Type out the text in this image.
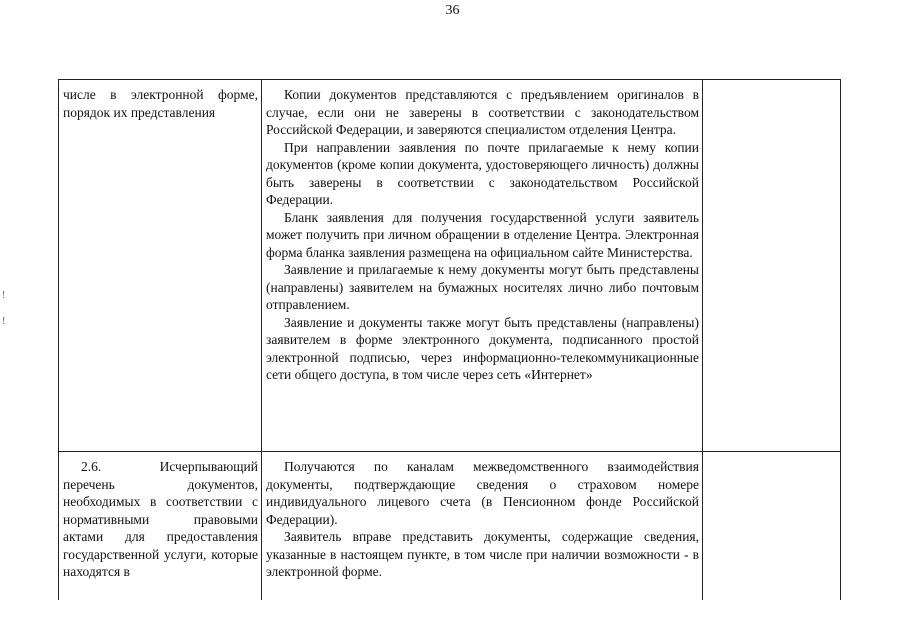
36
!
!

числе в электронной форме, порядок их представления	Копии документов представляются с предъявлением оригиналов в случае, если они не заверены в соответствии с законодательством Российской Федерации, и заверяются специалистом отделения Центра.

При направлении заявления по почте прилагаемые к нему копии документов (кроме копии документа, удостоверяющего личность) должны быть заверены в соответствии с законодательством Российской Федерации.

Бланк заявления для получения государственной услуги заявитель может получить при личном обращении в отделение Центра. Электронная форма бланка заявления размещена на официальном сайте Министерства.

Заявление и прилагаемые к нему документы могут быть представлены (направлены) заявителем на бумажных носителях лично либо почтовым отправлением.

Заявление и документы также могут быть представлены (направлены) заявителем в форме электронного документа, подписанного простой электронной подписью, через информационно-телекоммуникационные сети общего доступа, в том числе через сеть «Интернет»	

2.6. Исчерпывающий перечень документов, необходимых в соответствии с нормативными правовыми актами для предоставления государственной услуги, которые находятся в	Получаются по каналам межведомственного взаимодействия документы, подтверждающие сведения о страховом номере индивидуального лицевого счета (в Пенсионном фонде Российской Федерации).

Заявитель вправе представить документы, содержащие сведения, указанные в настоящем пункте, в том числе при наличии возможности - в электронной форме.	
